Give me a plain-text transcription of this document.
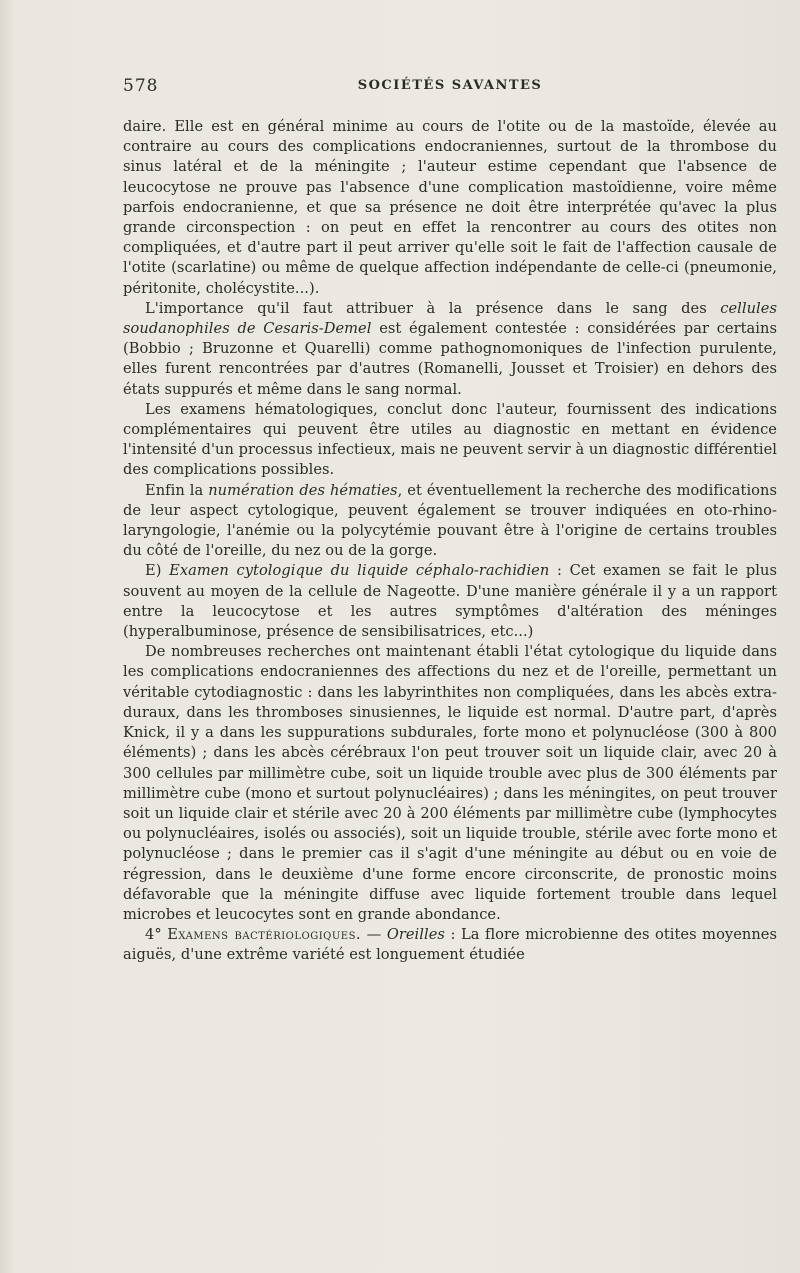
578	SOCIÉTÉS SAVANTES

daire. Elle est en général minime au cours de l'otite ou de la mastoïde, élevée au contraire au cours des complications endocraniennes, surtout de la thrombose du sinus latéral et de la méningite ; l'auteur estime cependant que l'absence de leucocytose ne prouve pas l'absence d'une complication mastoïdienne, voire même parfois endocranienne, et que sa présence ne doit être interprétée qu'avec la plus grande circonspection : on peut en effet la rencontrer au cours des otites non compliquées, et d'autre part il peut arriver qu'elle soit le fait de l'affection causale de l'otite (scarlatine) ou même de quelque affection indépendante de celle-ci (pneumonie, péritonite, cholécystite...).

L'importance qu'il faut attribuer à la présence dans le sang des cellules soudanophiles de Cesaris-Demel est également contestée : considérées par certains (Bobbio ; Bruzonne et Quarelli) comme pathognomoniques de l'infection purulente, elles furent rencontrées par d'autres (Romanelli, Jousset et Troisier) en dehors des états suppurés et même dans le sang normal.

Les examens hématologiques, conclut donc l'auteur, fournissent des indications complémentaires qui peuvent être utiles au diagnostic en mettant en évidence l'intensité d'un processus infectieux, mais ne peuvent servir à un diagnostic différentiel des complications possibles.

Enfin la numération des hématies, et éventuellement la recherche des modifications de leur aspect cytologique, peuvent également se trouver indiquées en oto-rhino-laryngologie, l'anémie ou la polycytémie pouvant être à l'origine de certains troubles du côté de l'oreille, du nez ou de la gorge.

E) Examen cytologique du liquide céphalo-rachidien : Cet examen se fait le plus souvent au moyen de la cellule de Nageotte. D'une manière générale il y a un rapport entre la leucocytose et les autres symptômes d'altération des méninges (hyperalbuminose, présence de sensibilisatrices, etc...)

De nombreuses recherches ont maintenant établi l'état cytologique du liquide dans les complications endocraniennes des affections du nez et de l'oreille, permettant un véritable cytodiagnostic : dans les labyrinthites non compliquées, dans les abcès extra-duraux, dans les thromboses sinusiennes, le liquide est normal. D'autre part, d'après Knick, il y a dans les suppurations subdurales, forte mono et polynucléose (300 à 800 éléments) ; dans les abcès cérébraux l'on peut trouver soit un liquide clair, avec 20 à 300 cellules par millimètre cube, soit un liquide trouble avec plus de 300 éléments par millimètre cube (mono et surtout polynucléaires) ; dans les méningites, on peut trouver soit un liquide clair et stérile avec 20 à 200 éléments par millimètre cube (lymphocytes ou polynucléaires, isolés ou associés), soit un liquide trouble, stérile avec forte mono et polynucléose ; dans le premier cas il s'agit d'une méningite au début ou en voie de régression, dans le deuxième d'une forme encore circonscrite, de pronostic moins défavorable que la méningite diffuse avec liquide fortement trouble dans lequel microbes et leucocytes sont en grande abondance.

4° Examens bactériologiques. — Oreilles : La flore microbienne des otites moyennes aiguës, d'une extrême variété est longuement étudiée
